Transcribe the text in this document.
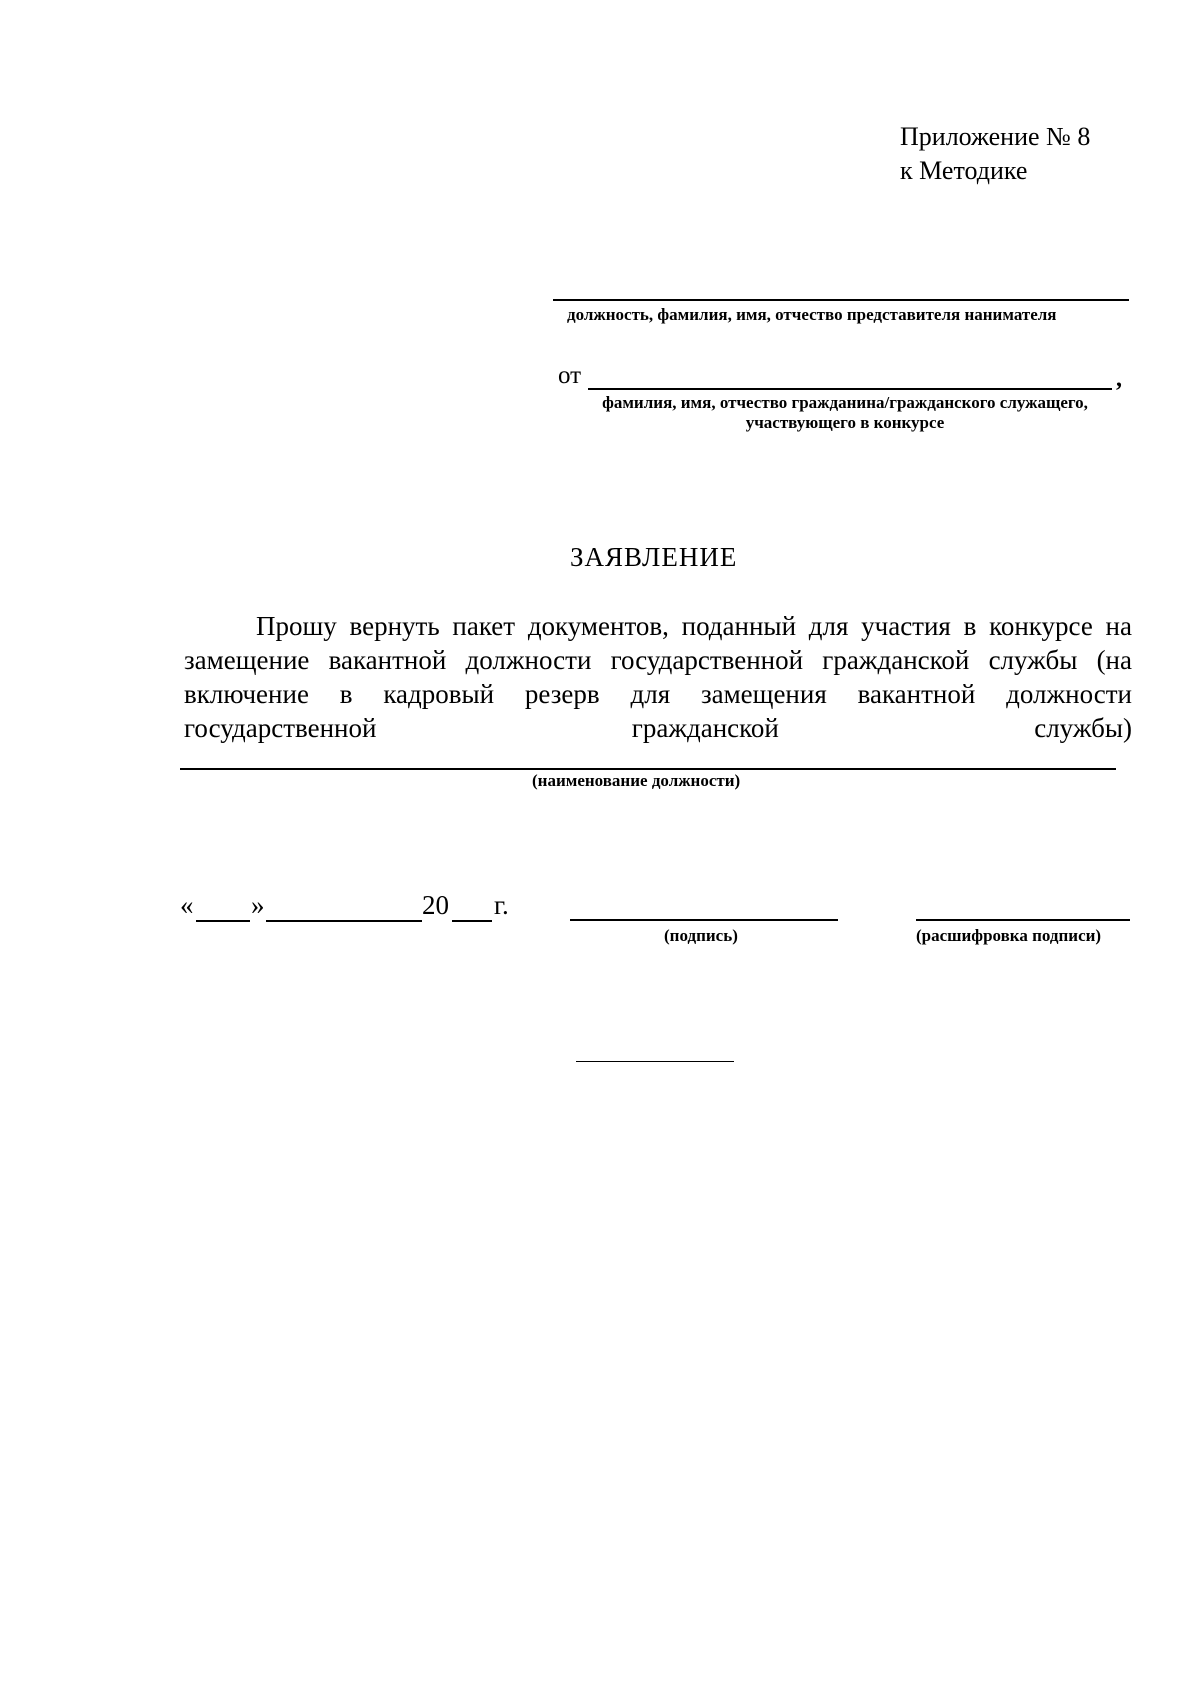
Приложение № 8
к Методике
должность, фамилия, имя, отчество представителя нанимателя
от	,
фамилия, имя, отчество гражданина/гражданского служащего,
участвующего в конкурсе
ЗАЯВЛЕНИЕ
Прошу вернуть пакет документов, поданный для участия в конкурсе на замещение вакантной должности государственной гражданской службы (на включение в кадровый резерв для замещения вакантной должности государственной гражданской службы)
(наименование должности)
« »	20 г.
(подпись)	(расшифровка подписи)
